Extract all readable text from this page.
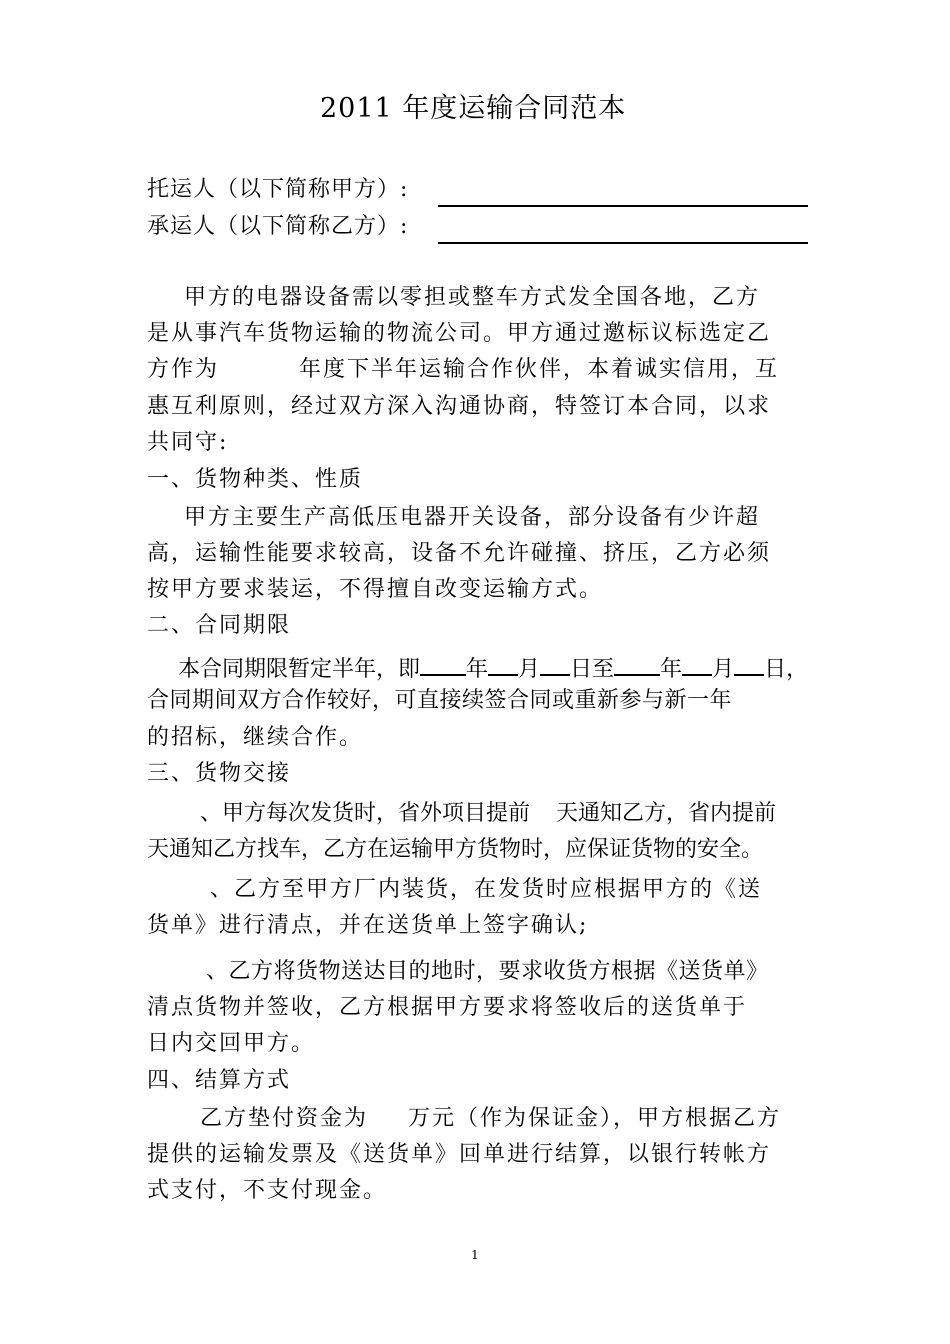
2011 年度运输合同范本
托运人（以下简称甲方）:
承运人（以下简称乙方）:
甲方的电器设备需以零担或整车方式发全国各地，乙方
是从事汽车货物运输的物流公司。甲方通过邀标议标选定乙
方作为	年度下半年运输合作伙伴，本着诚实信用，互
惠互利原则，经过双方深入沟通协商，特签订本合同，以求
共同守:
一、货物种类、性质
甲方主要生产高低压电器开关设备，部分设备有少许超
高，运输性能要求较高，设备不允许碰撞、挤压，乙方必须
按甲方要求装运，不得擅自改变运输方式。
二、合同期限
本合同期限暂定半年，即 年 月 日至 年 月 日，
合同期间双方合作较好，可直接续签合同或重新参与新一年
的招标，继续合作。
三、货物交接
、甲方每次发货时，省外项目提前 天通知乙方，省内提前
天通知乙方找车，乙方在运输甲方货物时，应保证货物的安全。
、乙方至甲方厂内装货，在发货时应根据甲方的《送
货单》进行清点，并在送货单上签字确认;
、乙方将货物送达目的地时，要求收货方根据《送货单》
清点货物并签收，乙方根据甲方要求将签收后的送货单于
日内交回甲方。
四、结算方式
乙方垫付资金为 万元（作为保证金），甲方根据乙方
提供的运输发票及《送货单》回单进行结算，以银行转帐方
式支付，不支付现金。
1
